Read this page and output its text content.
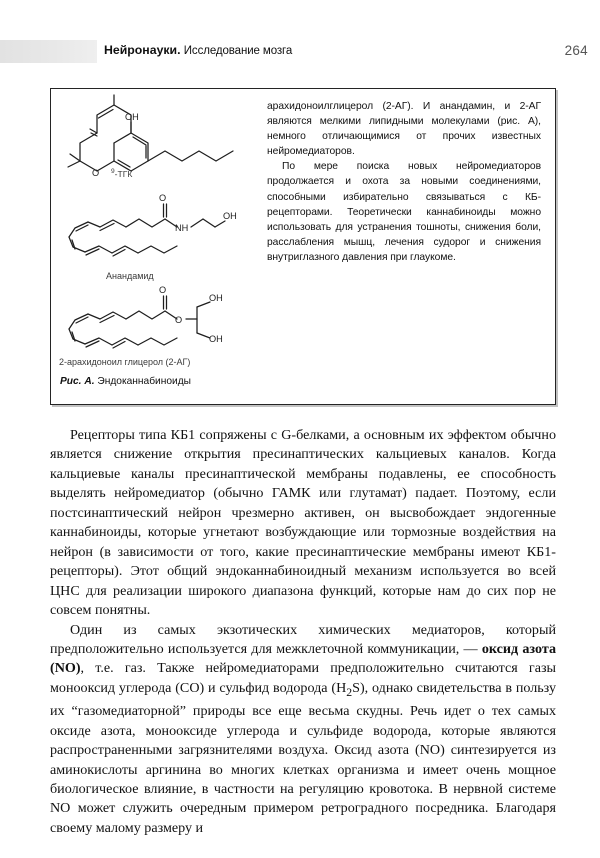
264
Нейронауки. Исследование мозга
O
OH
$^9$-ТГК
O
NH
OH
Анандамид
O
O
OH
OH
2-арахидоноил глицерол (2-АГ)
Рис. А. Эндоканнабиноиды

арахидоноилглицерол (2-АГ). И анандамин, и 2-АГ являются мелкими липидными молекулами (рис. А), немного отличающимися от прочих известных нейромедиаторов.

По мере поиска новых нейромедиаторов продолжается и охота за новыми соединениями, способными избирательно связываться с КБ-рецепторами. Теоретически каннабиноиды можно использовать для устранения тошноты, снижения боли, расслабления мышц, лечения судорог и снижения внутриглазного давления при глаукоме.

Рецепторы типа КБ1 сопряжены с G-белками, а основным их эффектом обычно является снижение открытия пресинаптических кальциевых каналов. Когда кальциевые каналы пресинаптической мембраны подавлены, ее способность выделять нейромедиатор (обычно ГАМК или глутамат) падает. Поэтому, если постсинаптический нейрон чрезмерно активен, он высвобождает эндогенные каннабиноиды, которые угнетают возбуждающие или тормозные воздействия на нейрон (в зависимости от того, какие пресинаптические мембраны имеют КБ1-рецепторы). Этот общий эндоканнабиноидный механизм используется во всей ЦНС для реализации широкого диапазона функций, которые нам до сих пор не совсем понятны.

Один из самых экзотических химических медиаторов, который предположительно используется для межклеточной коммуникации, — оксид азота (NO), т.е. газ. Также нейромедиаторами предположительно считаются газы монооксид углерода (СО) и сульфид водорода $(H_2S)$, однако свидетельства в пользу их “газомедиаторной” природы все еще весьма скудны. Речь идет о тех самых оксиде азота, монооксиде углерода и сульфиде водорода, которые являются распространенными загрязнителями воздуха. Оксид азота (NO) синтезируется из аминокислоты аргинина во многих клетках организма и имеет очень мощное биологическое влияние, в частности на регуляцию кровотока. В нервной системе NO может служить очередным примером ретроградного посредника. Благодаря своему малому размеру и
